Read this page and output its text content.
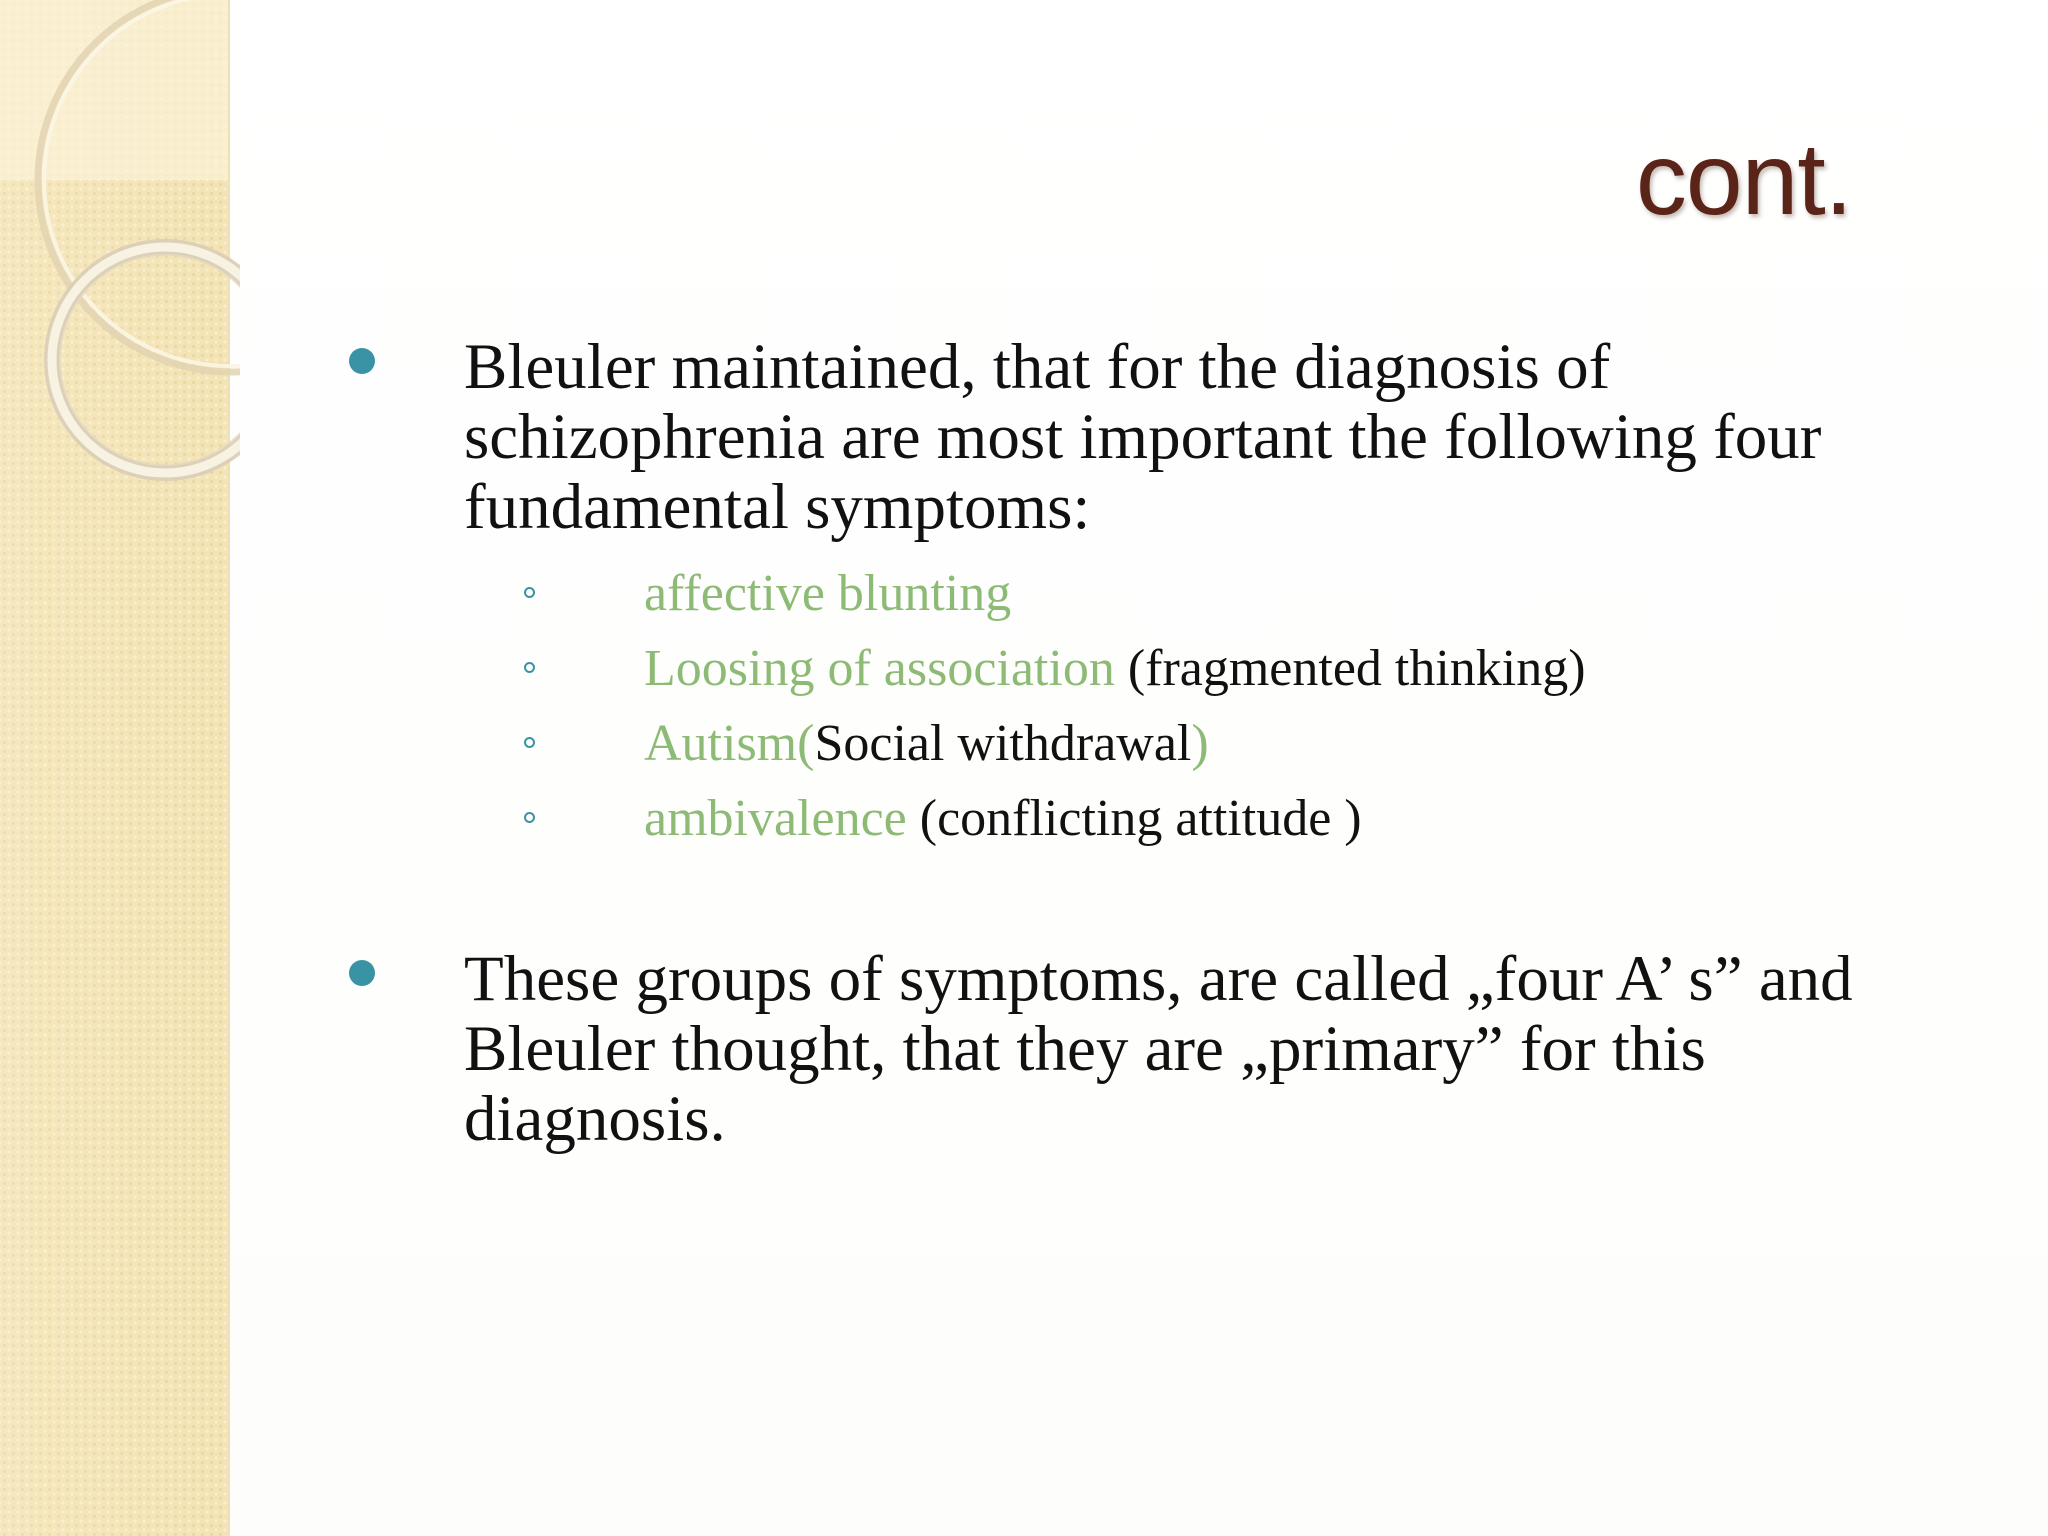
cont.
Bleuler maintained, that for the diagnosis of schizophrenia are most important the following four fundamental symptoms:
affective blunting
Loosing of association (fragmented thinking)
Autism(Social withdrawal)
ambivalence (conflicting attitude )
These groups of symptoms, are called „four A’ s” and Bleuler thought, that they are „primary” for this diagnosis.
